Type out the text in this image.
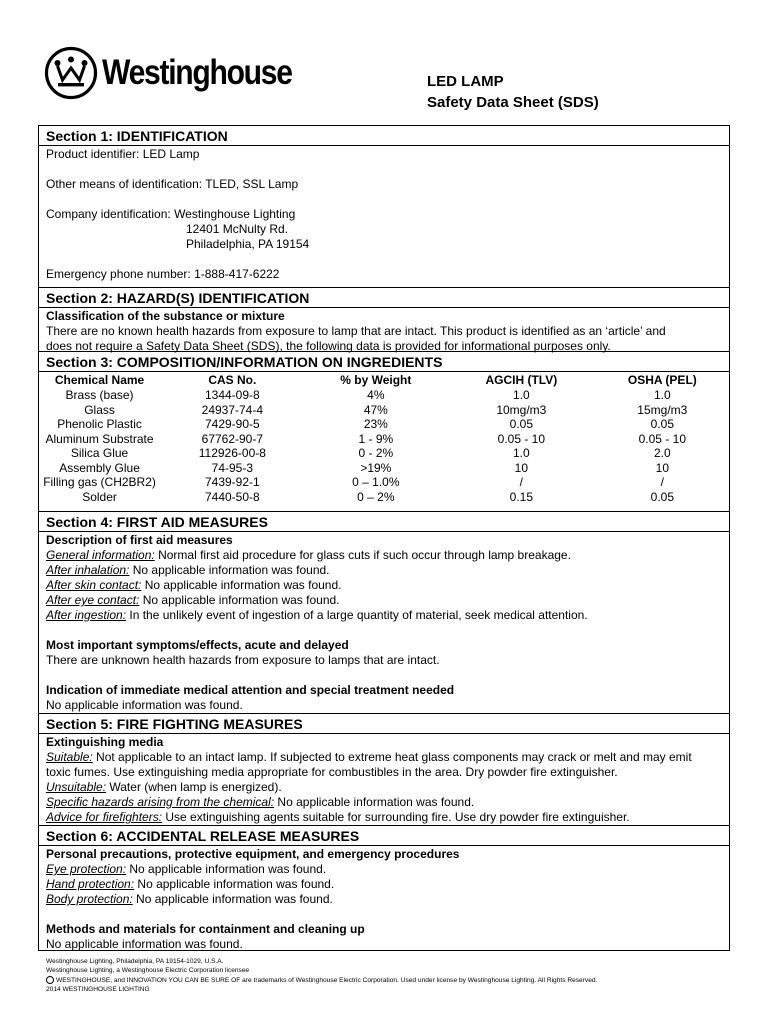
Westinghouse	LED LAMP
Safety Data Sheet (SDS)
Section 1: IDENTIFICATION
Product identifier: LED Lamp
Other means of identification: TLED, SSL Lamp
Company identification: Westinghouse Lighting
12401 McNulty Rd.
Philadelphia, PA 19154
Emergency phone number: 1-888-417-6222
Section 2: HAZARD(S) IDENTIFICATION
Classification of the substance or mixture
There are no known health hazards from exposure to lamp that are intact. This product is identified as an ‘article’ and
does not require a Safety Data Sheet (SDS), the following data is provided for informational purposes only.
Section 3: COMPOSITION/INFORMATION ON INGREDIENTS
Chemical Name	CAS No.	% by Weight	AGCIH (TLV)	OSHA (PEL)
Brass (base)	1344-09-8	4%	1.0	1.0
Glass	24937-74-4	47%	10mg/m3	15mg/m3
Phenolic Plastic	7429-90-5	23%	0.05	0.05
Aluminum Substrate	67762-90-7	1 - 9%	0.05 - 10	0.05 - 10
Silica Glue	112926-00-8	0 - 2%	1.0	2.0
Assembly Glue	74-95-3	>19%	10	10
Filling gas (CH2BR2)	7439-92-1	0 – 1.0%	/	/
Solder	7440-50-8	0 – 2%	0.15	0.05
Section 4: FIRST AID MEASURES
Description of first aid measures
General information: Normal first aid procedure for glass cuts if such occur through lamp breakage.
After inhalation: No applicable information was found.
After skin contact: No applicable information was found.
After eye contact: No applicable information was found.
After ingestion: In the unlikely event of ingestion of a large quantity of material, seek medical attention.
Most important symptoms/effects, acute and delayed
There are unknown health hazards from exposure to lamps that are intact.
Indication of immediate medical attention and special treatment needed
No applicable information was found.
Section 5: FIRE FIGHTING MEASURES
Extinguishing media
Suitable: Not applicable to an intact lamp. If subjected to extreme heat glass components may crack or melt and may emit
toxic fumes. Use extinguishing media appropriate for combustibles in the area. Dry powder fire extinguisher.
Unsuitable: Water (when lamp is energized).
Specific hazards arising from the chemical: No applicable information was found.
Advice for firefighters: Use extinguishing agents suitable for surrounding fire. Use dry powder fire extinguisher.
Section 6: ACCIDENTAL RELEASE MEASURES
Personal precautions, protective equipment, and emergency procedures
Eye protection: No applicable information was found.
Hand protection: No applicable information was found.
Body protection: No applicable information was found.
Methods and materials for containment and cleaning up
No applicable information was found.
Westinghouse Lighting, Philadelphia, PA 19154-1029, U.S.A.
Westinghouse Lighting, a Westinghouse Electric Corporation licensee
WESTINGHOUSE, and INNOVATION YOU CAN BE SURE OF are trademarks of Westinghouse Electric Corporation. Used under license by Westinghouse Lighting. All Rights Reserved.
2014 WESTINGHOUSE LIGHTING
